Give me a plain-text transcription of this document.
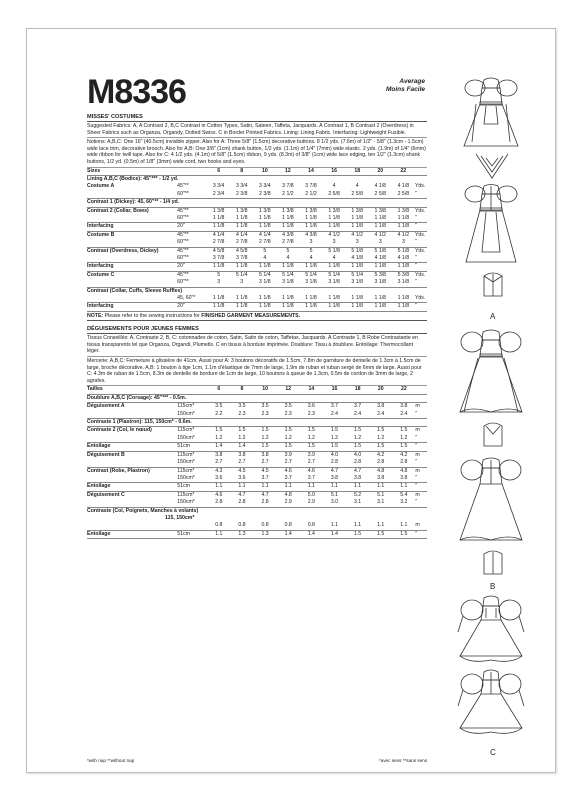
M8336	Average
Moins Facile
MISSES' COSTUMES
Suggested Fabrics: A, A Contrast 2, B,C Contrast in Cotton Types, Satin, Sateen, Taffeta, Jacquards. A Contrast 1, B Contrast 2 (Overdress) in Sheer Fabrics such as Organza, Organdy, Dotted Swiss. C in Border Printed Fabrics. Lining: Lining Fabric. Interfacing: Lightweight Fusible.
Notions: A,B,C: One 16" (40.5cm) invisible zipper. Also for A: Three 5/8" (1.5cm) decorative buttons. 8 1/2 yds. (7.6m) of 1/2" - 5/8" (1.3cm - 1.5cm) wide lace trim, decorative brooch. Also for A,B: One 3/8" (1cm) shank button, 1/2 yds. (1.1m) of 1/4" (7mm) wide elastic. 2 yds. (1.9m) of 1/4" (6mm) wide ribbon for twill tape. Also for C: 4 1/2 yds. (4.1m) of 5/8" (1.5cm) ribbon, 9 yds. (8.3m) of 3/8" (1cm) wide lace edging, ten 1/2" (1.3cm) shank buttons, 1/2 yd. (0.5m) of 1/8" (3mm) wide cord, two hooks and eyes.
Sizes		6	8	10	12	14	16	18	20	22	
Lining A,B,C (Bodice): 45"*** - 1/2 yd.											
Costume A	45"**	3 3/4	3 3/4	3 3/4	3 7/8	3 7/8	4	4	4 1/8	4 1/8	Yds.
	60"**	2 3/4	2 3/8	2 3/8	2 1/2	2 1/2	2 5/8	2 5/8	2 5/8	2 5/8	"
Contrast 1 (Dickey): 45, 60"** - 1/4 yd.											
Contrast 2 (Collar, Bows)	45"**	1 3/8	1 3/8	1 3/8	1 3/8	1 3/8	1 3/8	1 3/8	1 3/8	1 3/8	Yds.
	60"**	1 1/8	1 1/8	1 1/8	1 1/8	1 1/8	1 1/8	1 1/8	1 1/8	1 1/8	"
Interfacing	20"	1 1/8	1 1/8	1 1/8	1 1/8	1 1/8	1 1/8	1 1/8	1 1/8	1 1/8	"
Costume B	45"**	4 1/4	4 1/4	4 1/4	4 3/8	4 3/8	4 1/2	4 1/2	4 1/2	4 1/2	Yds.
	60"**	2 7/8	2 7/8	2 7/8	2 7/8	3	3	3	3	3	"
Contrast (Overdress, Dickey)	45"**	4 5/8	4 5/8	5	5	5	5 1/8	5 1/8	5 1/8	5 1/8	Yds.
	60"**	3 7/8	3 7/8	4	4	4	4	4 1/8	4 1/8	4 1/8	"
Interfacing	20"	1 1/8	1 1/8	1 1/8	1 1/8	1 1/8	1 1/8	1 1/8	1 1/8	1 1/8	"
Costume C	45"**	5	5 1/4	5 1/4	5 1/4	5 1/4	5 1/4	5 1/4	5 3/8	5 3/8	Yds.
	60"**	3	3	3 1/8	3 1/8	3 1/8	3 1/8	3 1/8	3 1/8	3 1/8	"
Contrast (Collar, Cuffs, Sleeve Ruffles)											
	45, 60"*	1 1/8	1 1/8	1 1/8	1 1/8	1 1/8	1 1/8	1 1/8	1 1/8	1 1/8	Yds.
Interfacing	20"	1 1/8	1 1/8	1 1/8	1 1/8	1 1/8	1 1/8	1 1/8	1 1/8	1 1/8	"
NOTE: Please refer to the sewing instructions for FINISHED GARMENT MEASUREMENTS.
DÉGUISEMENTS POUR JEUNES FEMMES
Tissus Conseillés: A, Contraste 2, B, C: cotonnades de coton, Satin, Satin de coton, Taffetas, Jacquards. A Contraste 1, B Robe Contrastante en tissus transparents tel que Organza, Organdi, Plumetis. C en tissus à bordure imprimée. Doublure: Tissu à doublure. Entoilage: Thermocollant léger.
Mercerie: A,B,C: Fermeture à glissière de 41cm. Aussi pour A: 3 boutons décoratifs de 1.5cm, 7.8m de garniture de dentelle de 1.3cm à 1.5cm de large, broche décorative. A,B: 1 bouton à tige 1cm, 1.1m d'élastique de 7mm de large, 1.9m de ruban et ruban sergé de 6mm de large. Aussi pour C: 4.3m de ruban de 1.5cm, 8.3m de dentelle de bordure de 1cm de large, 10 boutons à queue de 1.3cm, 0.5m de cordon de 3mm de large, 2 agrafes.
Tailles		6	8	10	12	14	16	18	20	22	
Doublure A,B,C (Corsage): 45"*** - 0.5m.											
Déguisement A	115cm*	3.5	3.5	3.5	3.5	3.6	3.7	3.7	3.8	3.8	m
	150cm*	2.2	2.3	2.3	2.3	2.3	2.4	2.4	2.4	2.4	"
Contraste 1 (Plastron): 115, 150cm* - 0.6m.											
Contraste 2 (Col, le nœud)	115cm*	1.5	1.5	1.5	1.5	1.5	1.5	1.5	1.5	1.5	m
	150cm*	1.2	1.2	1.2	1.2	1.2	1.2	1.2	1.2	1.2	"
Entoilage	51cm	1.4	1.4	1.5	1.5	1.5	1.5	1.5	1.5	1.5	"
Déguisement B	115cm*	3.8	3.8	3.8	3.9	3.9	4.0	4.0	4.2	4.2	m
	150cm*	2.7	2.7	2.7	2.7	2.7	2.8	2.8	2.8	2.8	"
Contrast (Robe, Plastron)	115cm*	4.3	4.5	4.5	4.6	4.6	4.7	4.7	4.8	4.8	m
	150cm*	3.6	3.6	3.7	3.7	3.7	3.8	3.8	3.8	3.8	"
Entoilage	51cm	1.1	1.1	1.1	1.1	1.1	1.1	1.1	1.1	1.1	"
Déguisement C	115cm*	4.6	4.7	4.7	4.8	5.0	5.1	5.2	5.1	5.4	m
	150cm*	2.8	2.8	2.8	2.9	2.9	3.0	3.1	3.1	3.2	"
Contraste (Col, Poignets, Manches à volants)											
115, 150cm*											
		0.8	0.8	0.8	0.8	0.8	1.1	1.1	1.1	1.1	m
Entoilage	51cm	1.1	1.3	1.3	1.4	1.4	1.4	1.5	1.5	1.5	"
A
B
C
*with nap **without nap	*avec sens **sans sens
